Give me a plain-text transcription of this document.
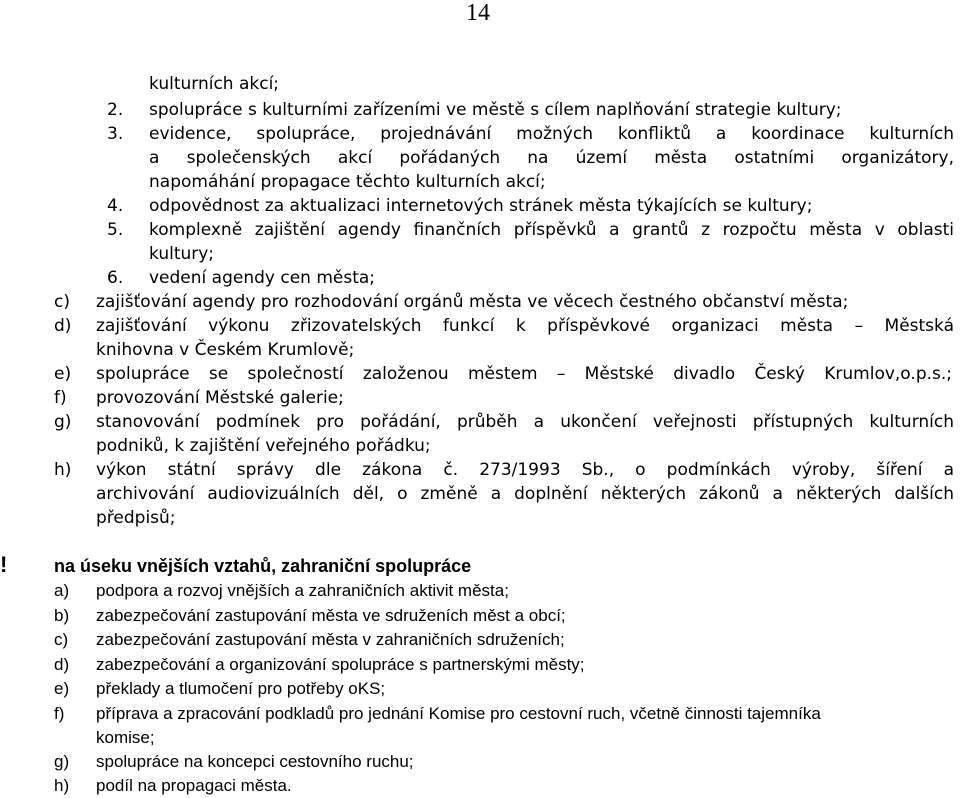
14
kulturních akcí;
2. spolupráce s kulturními zařízeními ve městě s cílem naplňování strategie kultury;
3. evidence, spolupráce, projednávání možných konfliktů a koordinace kulturních
a společenských akcí pořádaných na území města ostatními organizátory,
napomáhání propagace těchto kulturních akcí;
4. odpovědnost za aktualizaci internetových stránek města týkajících se kultury;
5. komplexně zajištění agendy finančních příspěvků a grantů z rozpočtu města v oblasti
kultury;
6. vedení agendy cen města;
c) zajišťování agendy pro rozhodování orgánů města ve věcech čestného občanství města;
d) zajišťování výkonu zřizovatelských funkcí k příspěvkové organizaci města – Městská
knihovna v Českém Krumlově;
e) spolupráce se společností založenou městem – Městské divadlo Český Krumlov,o.p.s.;
f) provozování Městské galerie;
g) stanovování podmínek pro pořádání, průběh a ukončení veřejnosti přístupných kulturních
podniků, k zajištění veřejného pořádku;
h) výkon státní správy dle zákona č. 273/1993 Sb., o podmínkách výroby, šíření a
archivování audiovizuálních děl, o změně a doplnění některých zákonů a některých dalších
předpisů;
!	na úseku vnějších vztahů, zahraniční spolupráce
a) podpora a rozvoj vnějších a zahraničních aktivit města;
b) zabezpečování zastupování města ve sdruženích měst a obcí;
c) zabezpečování zastupování města v zahraničních sdruženích;
d) zabezpečování a organizování spolupráce s partnerskými městy;
e) překlady a tlumočení pro potřeby oKS;
f) příprava a zpracování podkladů pro jednání Komise pro cestovní ruch, včetně činnosti tajemníka
komise;
g) spolupráce na koncepci cestovního ruchu;
h) podíl na propagaci města.
